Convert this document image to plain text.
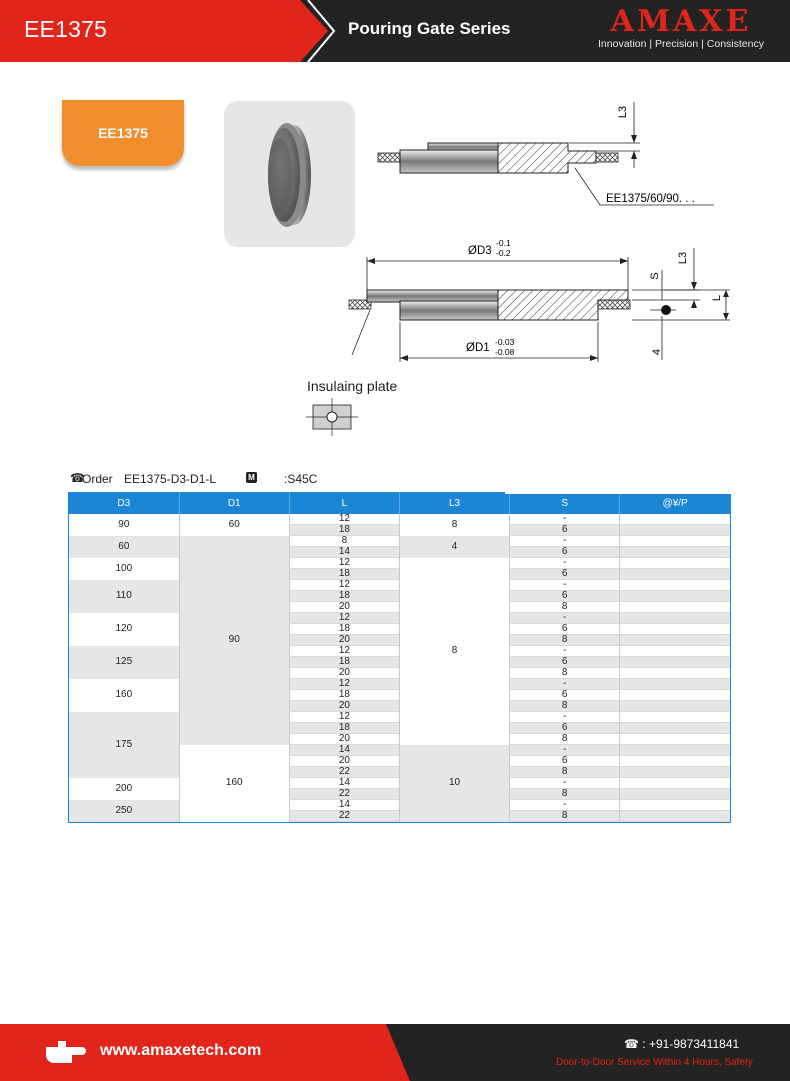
EE1375	Pouring Gate Series	AMAXE
Innovation | Precision | Consistency
EE1375
L3
EE1375/60/90. . .
ØD3
-0.1
-0.2
ØD1 -0.03
-0.08
L3
L
S
4
Insulaing plate
☎
Order EE1375-D3-D1-L	M :S45C
D3	D1	L	L3	S	@¥/P
90	60	12	8	-	
		18		6	
60	90	8	4	-	
		14		6	
100		12	8	-	
		18		6	
110		12		-	
		18		6	
		20		8	
120		12		-	
		18		6	
		20		8	
125		12		-	
		18		6	
		20		8	
160		12		-	
		18		6	
		20		8	
175		12		-	
		18		6	
		20		8	
	160	14	10	-	
		20		6	
		22		8	
200		14		-	
		22		8	
250		14		-	
		22		8	
www.amaxetech.com	☎ : +91-9873411841
Door-to-Door Service Within 4 Hours, Safety
